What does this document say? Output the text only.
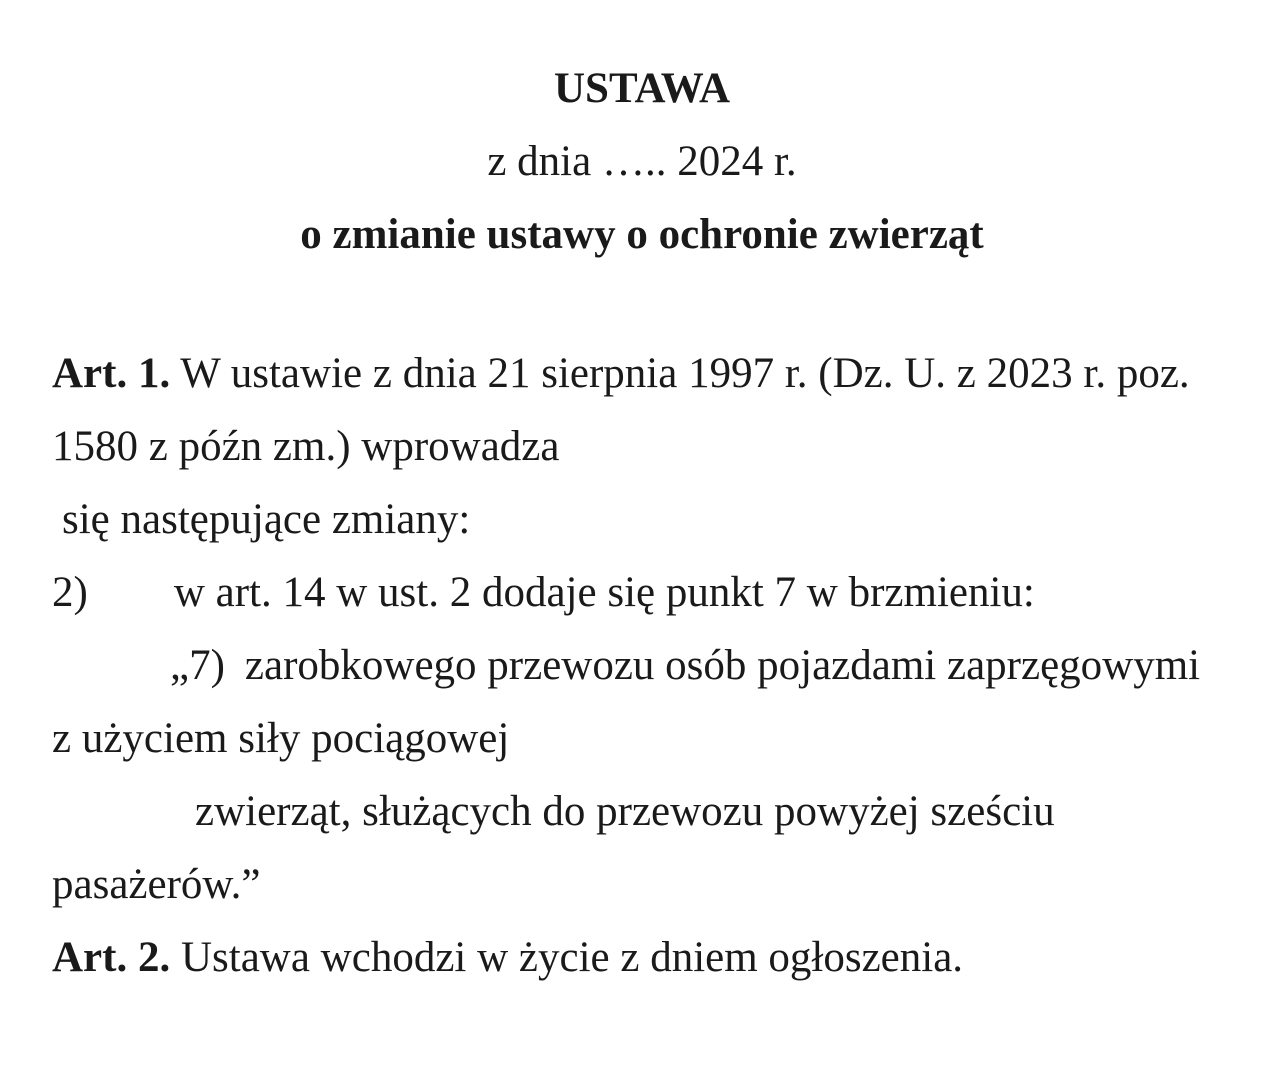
USTAWA

z dnia ….. 2024 r.

o zmianie ustawy o ochronie zwierząt

Art. 1. W ustawie z dnia 21 sierpnia 1997 r. (Dz. U. z 2023 r. poz.

1580 z późn zm.) wprowadza

się następujące zmiany:

2) w art. 14 w ust. 2 dodaje się punkt 7 w brzmieniu:

„7) zarobkowego przewozu osób pojazdami zaprzęgowymi

z użyciem siły pociągowej

zwierząt, służących do przewozu powyżej sześciu

pasażerów.”

Art. 2. Ustawa wchodzi w życie z dniem ogłoszenia.
